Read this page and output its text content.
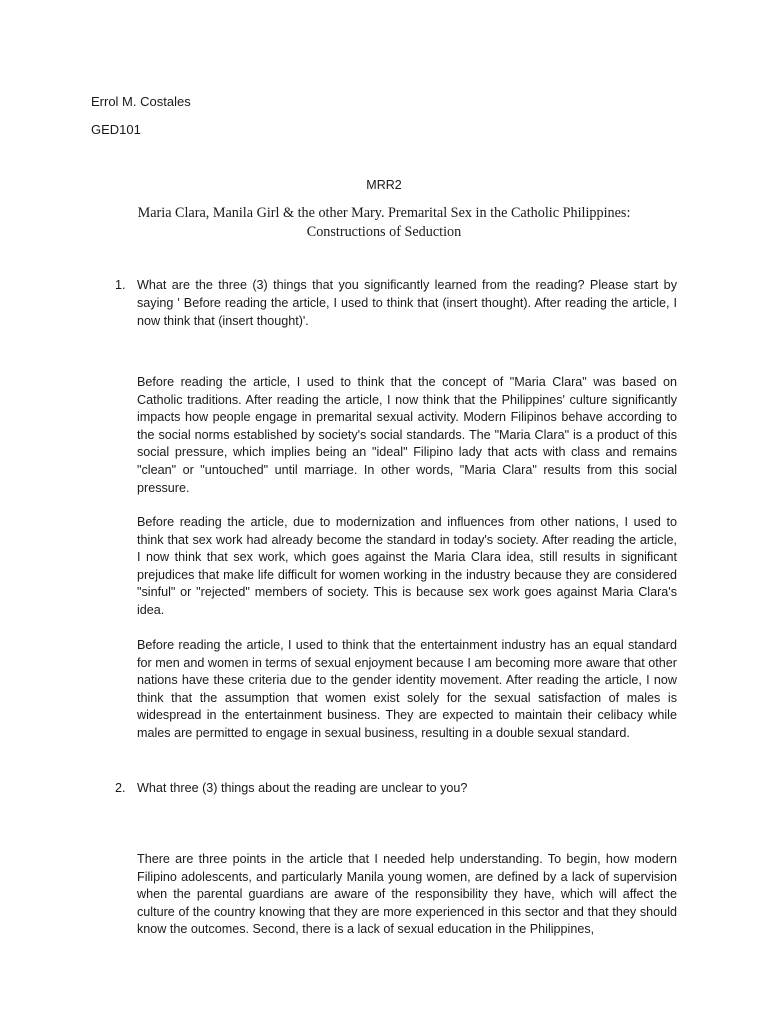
Errol M. Costales
GED101
MRR2
Maria Clara, Manila Girl & the other Mary. Premarital Sex in the Catholic Philippines: Constructions of Seduction
1. What are the three (3) things that you significantly learned from the reading? Please start by saying ' Before reading the article, I used to think that (insert thought). After reading the article, I now think that (insert thought)'.

Before reading the article, I used to think that the concept of "Maria Clara" was based on Catholic traditions. After reading the article, I now think that the Philippines' culture significantly impacts how people engage in premarital sexual activity. Modern Filipinos behave according to the social norms established by society's social standards. The "Maria Clara" is a product of this social pressure, which implies being an "ideal" Filipino lady that acts with class and remains "clean" or "untouched" until marriage. In other words, "Maria Clara" results from this social pressure.

Before reading the article, due to modernization and influences from other nations, I used to think that sex work had already become the standard in today's society. After reading the article, I now think that sex work, which goes against the Maria Clara idea, still results in significant prejudices that make life difficult for women working in the industry because they are considered "sinful" or "rejected" members of society. This is because sex work goes against Maria Clara's idea.

Before reading the article, I used to think that the entertainment industry has an equal standard for men and women in terms of sexual enjoyment because I am becoming more aware that other nations have these criteria due to the gender identity movement. After reading the article, I now think that the assumption that women exist solely for the sexual satisfaction of males is widespread in the entertainment business. They are expected to maintain their celibacy while males are permitted to engage in sexual business, resulting in a double sexual standard.

2. What three (3) things about the reading are unclear to you?

There are three points in the article that I needed help understanding. To begin, how modern Filipino adolescents, and particularly Manila young women, are defined by a lack of supervision when the parental guardians are aware of the responsibility they have, which will affect the culture of the country knowing that they are more experienced in this sector and that they should know the outcomes. Second, there is a lack of sexual education in the Philippines,
